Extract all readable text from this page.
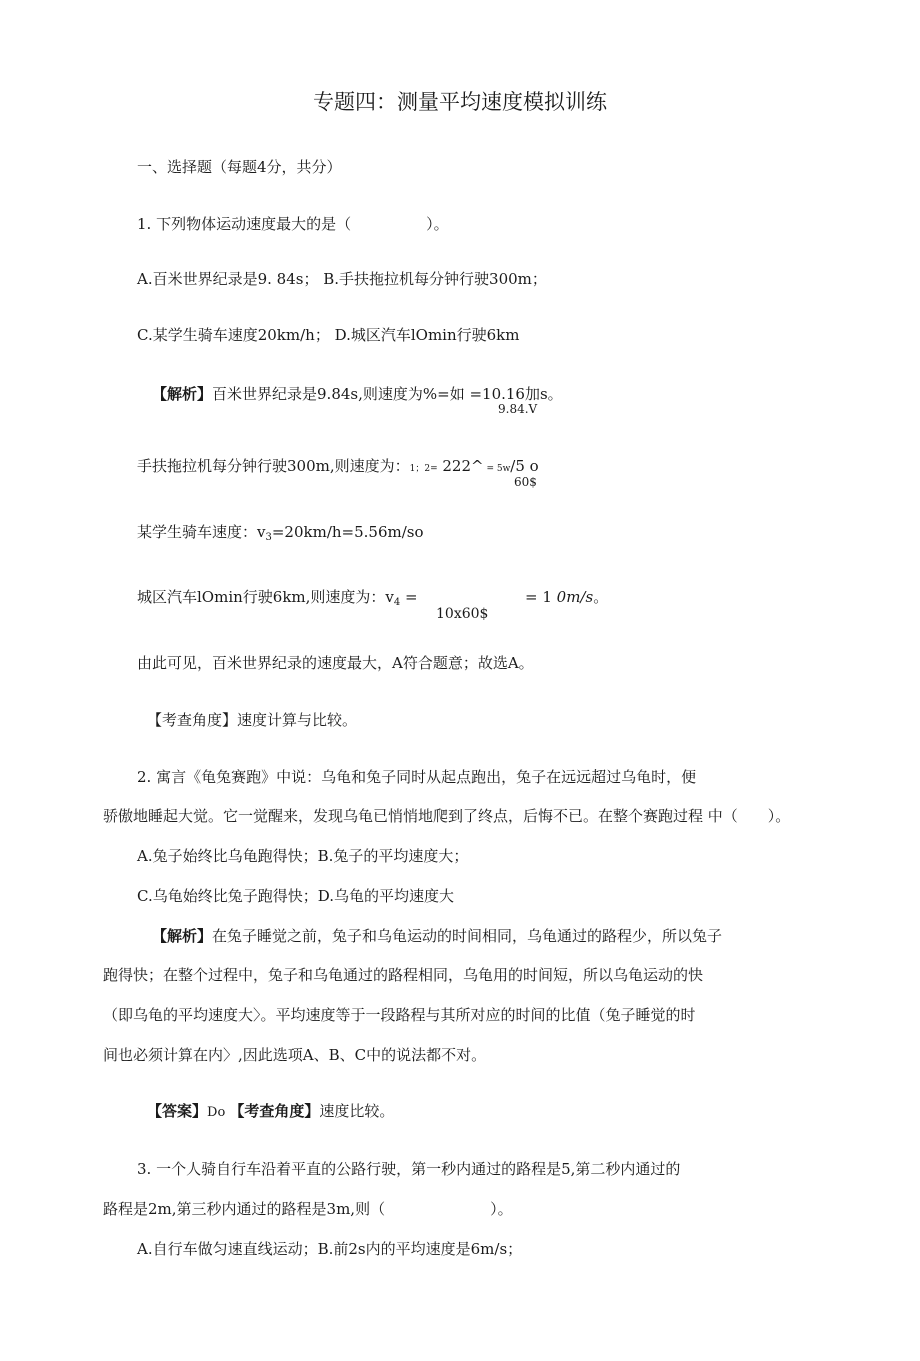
专题四：测量平均速度模拟训练
一、选择题（每题4分，共分）
1. 下列物体运动速度最大的是（　　　　　）。
A.百米世界纪录是9. 84s； B.手扶拖拉机每分钟行驶300m；
C.某学生骑车速度20km/h； D.城区汽车lOmin行驶6km
【解析】百米世界纪录是9.84s,则速度为%=如 =10.16加s。
9.84.V
手扶拖拉机每分钟行驶300m,则速度为：1；2= 222^ = 5w/5 o
60$
某学生骑车速度：$v_3=20km/h=5.56m/so$
城区汽车lOmin行驶6km,则速度为：$v_4$ =	= 1 0m/s。
10x60$
由此可见，百米世界纪录的速度最大，A符合题意；故选A。
【考查角度】速度计算与比较。
2. 寓言《龟兔赛跑》中说：乌龟和兔子同时从起点跑出，兔子在远远超过乌龟时，便
骄傲地睡起大觉。它一觉醒来，发现乌龟已悄悄地爬到了终点，后悔不已。在整个赛跑过程 中（　　）。
A.兔子始终比乌龟跑得快；B.兔子的平均速度大；
C.乌龟始终比兔子跑得快；D.乌龟的平均速度大
【解析】在兔子睡觉之前，兔子和乌龟运动的时间相同，乌龟通过的路程少，所以兔子
跑得快；在整个过程中，兔子和乌龟通过的路程相同，乌龟用的时间短，所以乌龟运动的快
（即乌龟的平均速度大〉。平均速度等于一段路程与其所对应的时间的比值（兔子睡觉的时
间也必须计算在内〉,因此选项A、B、C中的说法都不对。
【答案】Do 【考查角度】速度比较。
3. 一个人骑自行车沿着平直的公路行驶，第一秒内通过的路程是5,第二秒内通过的
路程是2m,第三秒内通过的路程是3m,则（　　　　　　　）。
A.自行车做匀速直线运动；B.前2s内的平均速度是6m/s；
